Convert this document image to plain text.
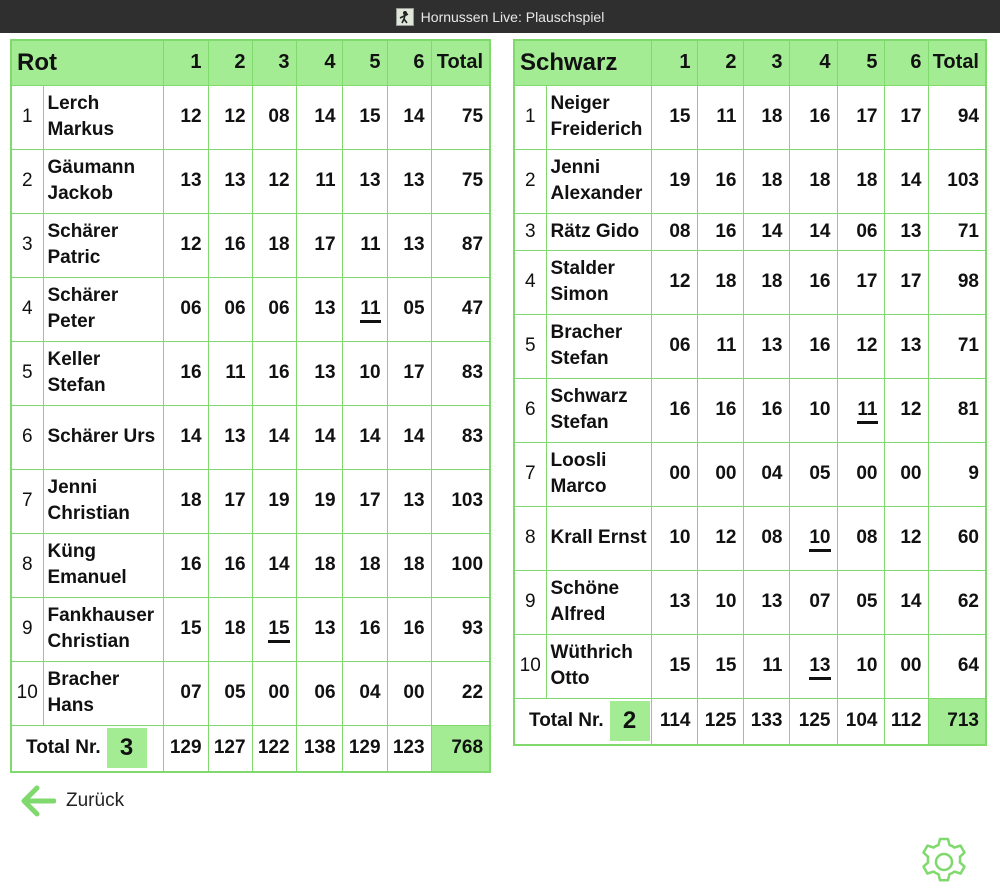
Hornussen Live: Plauschspiel
Rot		1	2	3	4	5	6	Total
1	Lerch Markus	12	12	08	14	15	14	75
2	Gäumann Jackob	13	13	12	11	13	13	75
3	Schärer Patric	12	16	18	17	11	13	87
4	Schärer Peter	06	06	06	13	11	05	47
5	Keller Stefan	16	11	16	13	10	17	83
6	Schärer Urs	14	13	14	14	14	14	83
7	Jenni Christian	18	17	19	19	17	13	103
8	Küng Emanuel	16	16	14	18	18	18	100
9	Fankhauser Christian	15	18	15	13	16	16	93
10	Bracher Hans	07	05	00	06	04	00	22
Total Nr. 3		129	127	122	138	129	123	768
Schwarz		1	2	3	4	5	6	Total
1	Neiger Freiderich	15	11	18	16	17	17	94
2	Jenni Alexander	19	16	18	18	18	14	103
3	Rätz Gido	08	16	14	14	06	13	71
4	Stalder Simon	12	18	18	16	17	17	98
5	Bracher Stefan	06	11	13	16	12	13	71
6	Schwarz Stefan	16	16	16	10	11	12	81
7	Loosli Marco	00	00	04	05	00	00	9
8	Krall Ernst	10	12	08	10	08	12	60
9	Schöne Alfred	13	10	13	07	05	14	62
10	Wüthrich Otto	15	15	11	13	10	00	64
Total Nr. 2		114	125	133	125	104	112	713
Zurück
